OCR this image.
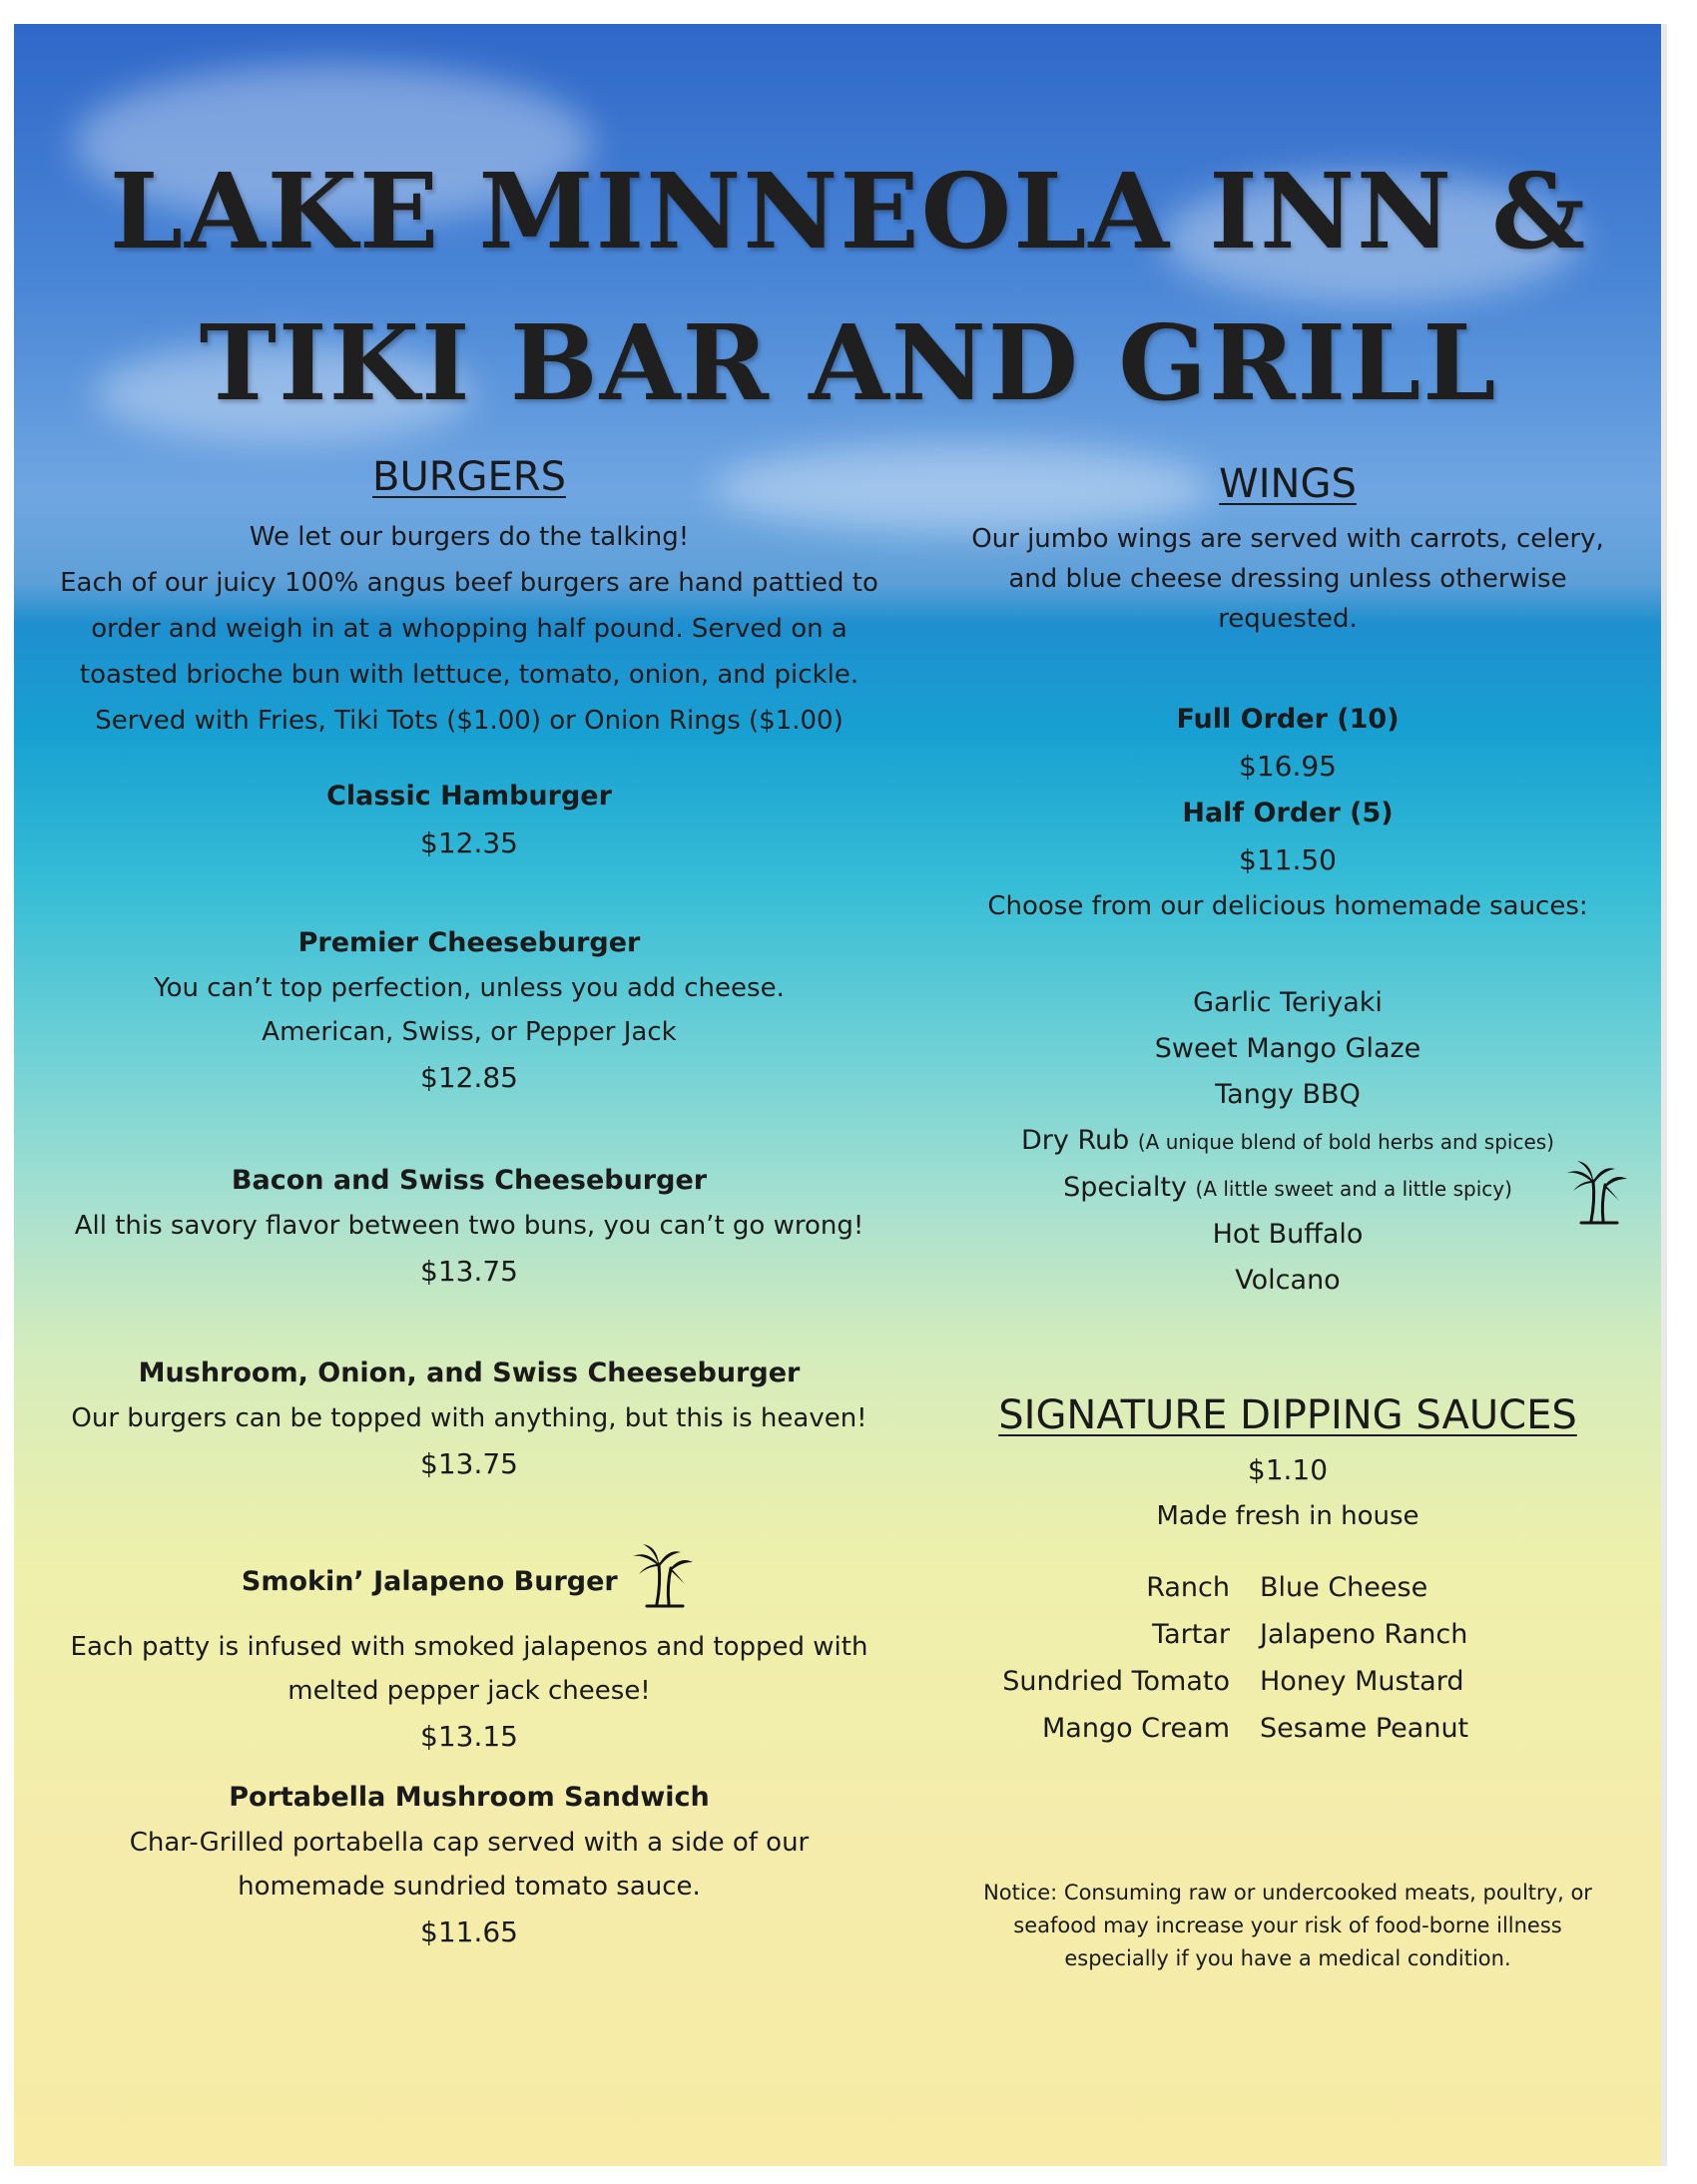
LAKE MINNEOLA INN &
TIKI BAR AND GRILL
BURGERS

We let our burgers do the talking!

Each of our juicy 100% angus beef burgers are hand pattied to

order and weigh in at a whopping half pound. Served on a

toasted brioche bun with lettuce, tomato, onion, and pickle.

Served with Fries, Tiki Tots ($1.00) or Onion Rings ($1.00)

Classic Hamburger

$12.35

Premier Cheeseburger

You can’t top perfection, unless you add cheese.

American, Swiss, or Pepper Jack

$12.85

Bacon and Swiss Cheeseburger

All this savory flavor between two buns, you can’t go wrong!

$13.75

Mushroom, Onion, and Swiss Cheeseburger

Our burgers can be topped with anything, but this is heaven!

$13.75

Smokin’ Jalapeno Burger

Each patty is infused with smoked jalapenos and topped with

melted pepper jack cheese!

$13.15

Portabella Mushroom Sandwich

Char-Grilled portabella cap served with a side of our

homemade sundried tomato sauce.

$11.65

WINGS

Our jumbo wings are served with carrots, celery,

and blue cheese dressing unless otherwise

requested.

Full Order (10)

$16.95

Half Order (5)

$11.50

Choose from our delicious homemade sauces:

Garlic Teriyaki

Sweet Mango Glaze

Tangy BBQ

Dry Rub (A unique blend of bold herbs and spices)

Specialty (A little sweet and a little spicy)

Hot Buffalo

Volcano

SIGNATURE DIPPING SAUCES

$1.10

Made fresh in house

Ranch	Blue Cheese
Tartar	Jalapeno Ranch
Sundried Tomato	Honey Mustard
Mango Cream	Sesame Peanut

Notice: Consuming raw or undercooked meats, poultry, or

seafood may increase your risk of food-borne illness

especially if you have a medical condition.
